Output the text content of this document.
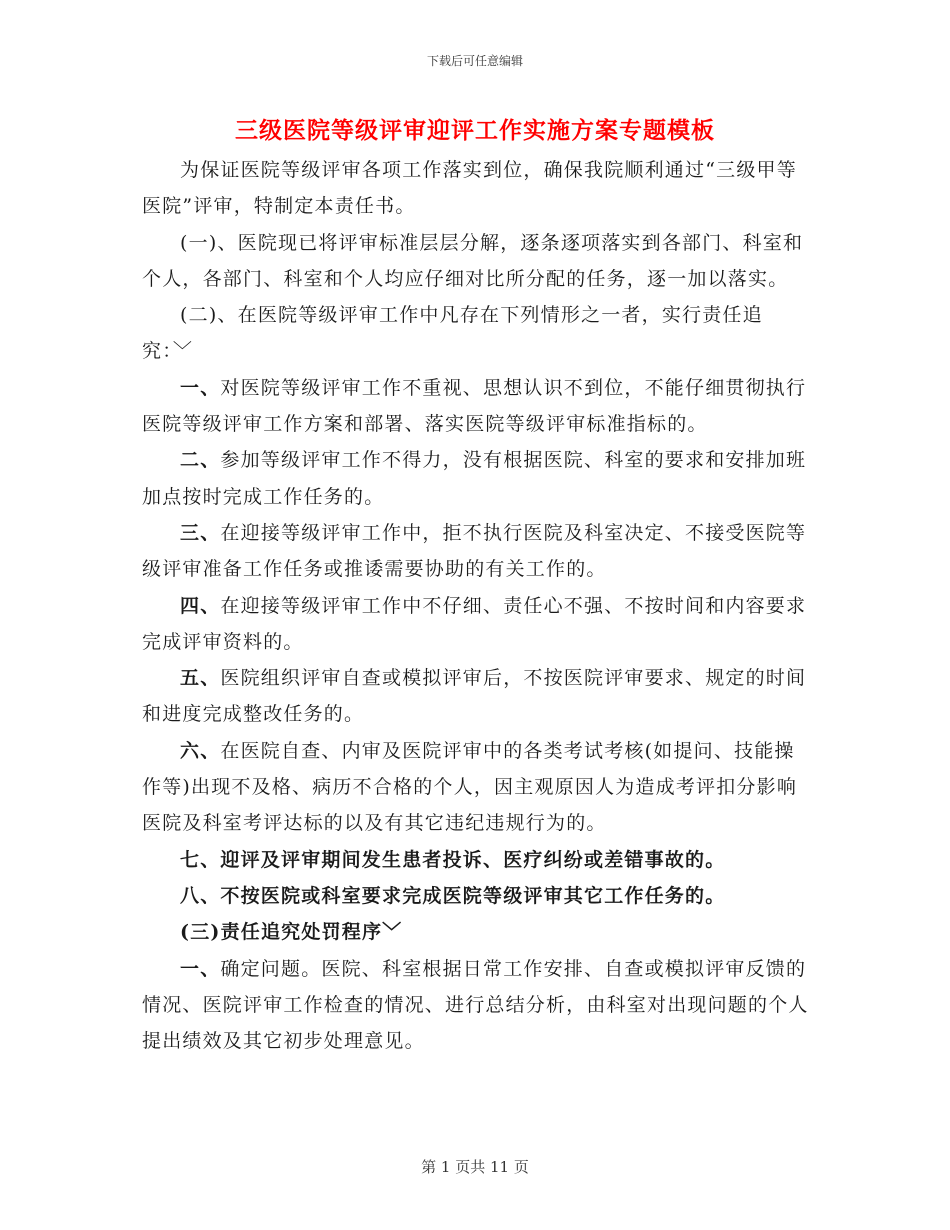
下载后可任意编辑
三级医院等级评审迎评工作实施方案专题模板

为保证医院等级评审各项工作落实到位，确保我院顺利通过“三级甲等医院”评审，特制定本责任书。

(一)、医院现已将评审标准层层分解，逐条逐项落实到各部门、科室和个人，各部门、科室和个人均应仔细对比所分配的任务，逐一加以落实。

(二)、在医院等级评审工作中凡存在下列情形之一者，实行责任追究：﹀

一、对医院等级评审工作不重视、思想认识不到位，不能仔细贯彻执行医院等级评审工作方案和部署、落实医院等级评审标准指标的。

二、参加等级评审工作不得力，没有根据医院、科室的要求和安排加班加点按时完成工作任务的。

三、在迎接等级评审工作中，拒不执行医院及科室决定、不接受医院等级评审准备工作任务或推诿需要协助的有关工作的。

四、在迎接等级评审工作中不仔细、责任心不强、不按时间和内容要求完成评审资料的。

五、医院组织评审自查或模拟评审后，不按医院评审要求、规定的时间和进度完成整改任务的。

六、在医院自查、内审及医院评审中的各类考试考核(如提问、技能操作等)出现不及格、病历不合格的个人，因主观原因人为造成考评扣分影响医院及科室考评达标的以及有其它违纪违规行为的。

七、迎评及评审期间发生患者投诉、医疗纠纷或差错事故的。

八、不按医院或科室要求完成医院等级评审其它工作任务的。

(三)责任追究处罚程序﹀

一、确定问题。医院、科室根据日常工作安排、自查或模拟评审反馈的情况、医院评审工作检查的情况、进行总结分析，由科室对出现问题的个人提出绩效及其它初步处理意见。

第 1 页共 11 页
